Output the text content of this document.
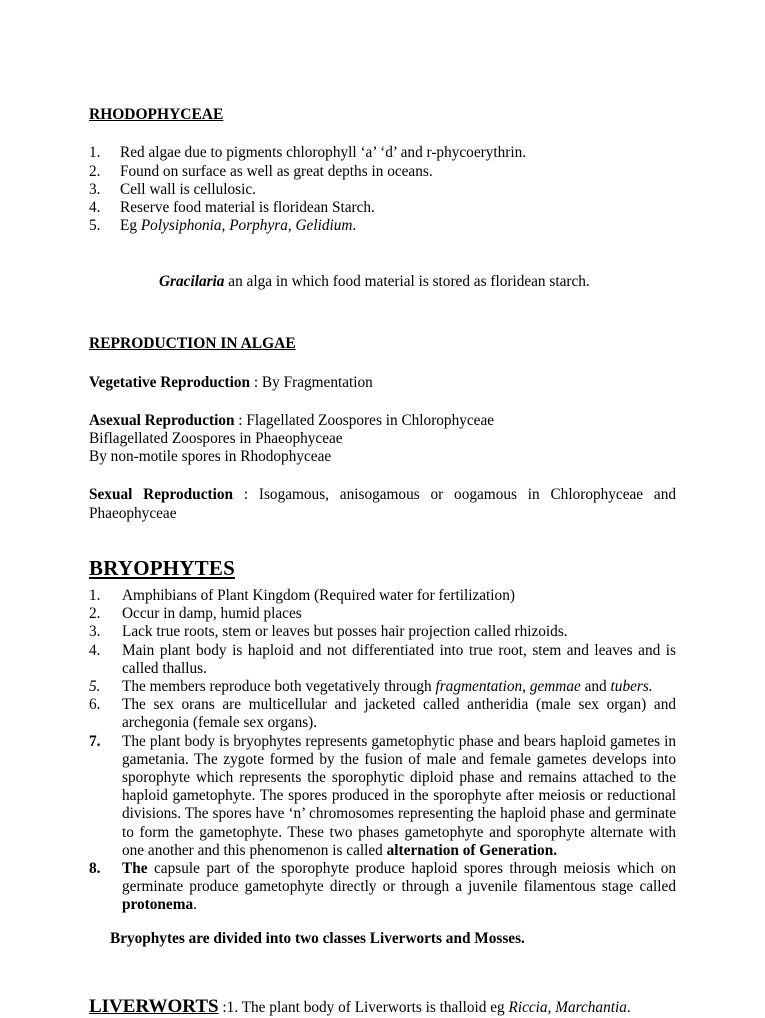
RHODOPHYCEAE
1.	Red algae due to pigments chlorophyll ‘a’ ‘d’ and r-phycoerythrin.
2.	Found on surface as well as great depths in oceans.
3.	Cell wall is cellulosic.
4.	Reserve food material is floridean Starch.
5.	Eg Polysiphonia, Porphyra, Gelidium.

Gracilaria an alga in which food material is stored as floridean starch.

REPRODUCTION IN ALGAE

Vegetative Reproduction : By Fragmentation

Asexual Reproduction : Flagellated Zoospores in Chlorophyceae

Biflagellated Zoospores in Phaeophyceae

By non-motile spores in Rhodophyceae

Sexual Reproduction : Isogamous, anisogamous or oogamous in Chlorophyceae and Phaeophyceae

BRYOPHYTES
1.	Amphibians of Plant Kingdom (Required water for fertilization)
2.	Occur in damp, humid places
3.	Lack true roots, stem or leaves but posses hair projection called rhizoids.
4.	Main plant body is haploid and not differentiated into true root, stem and leaves and is called thallus.
5.	The members reproduce both vegetatively through fragmentation, gemmae and tubers.
6.	The sex orans are multicellular and jacketed called antheridia (male sex organ) and archegonia (female sex organs).
7.	The plant body is bryophytes represents gametophytic phase and bears haploid gametes in gametania. The zygote formed by the fusion of male and female gametes develops into sporophyte which represents the sporophytic diploid phase and remains attached to the haploid gametophyte. The spores produced in the sporophyte after meiosis or reductional divisions. The spores have ‘n’ chromosomes representing the haploid phase and germinate to form the gametophyte. These two phases gametophyte and sporophyte alternate with one another and this phenomenon is called alternation of Generation.
8.	The capsule part of the sporophyte produce haploid spores through meiosis which on germinate produce gametophyte directly or through a juvenile filamentous stage called protonema.

Bryophytes are divided into two classes Liverworts and Mosses.

LIVERWORTS :1. The plant body of Liverworts is thalloid eg Riccia, Marchantia.
